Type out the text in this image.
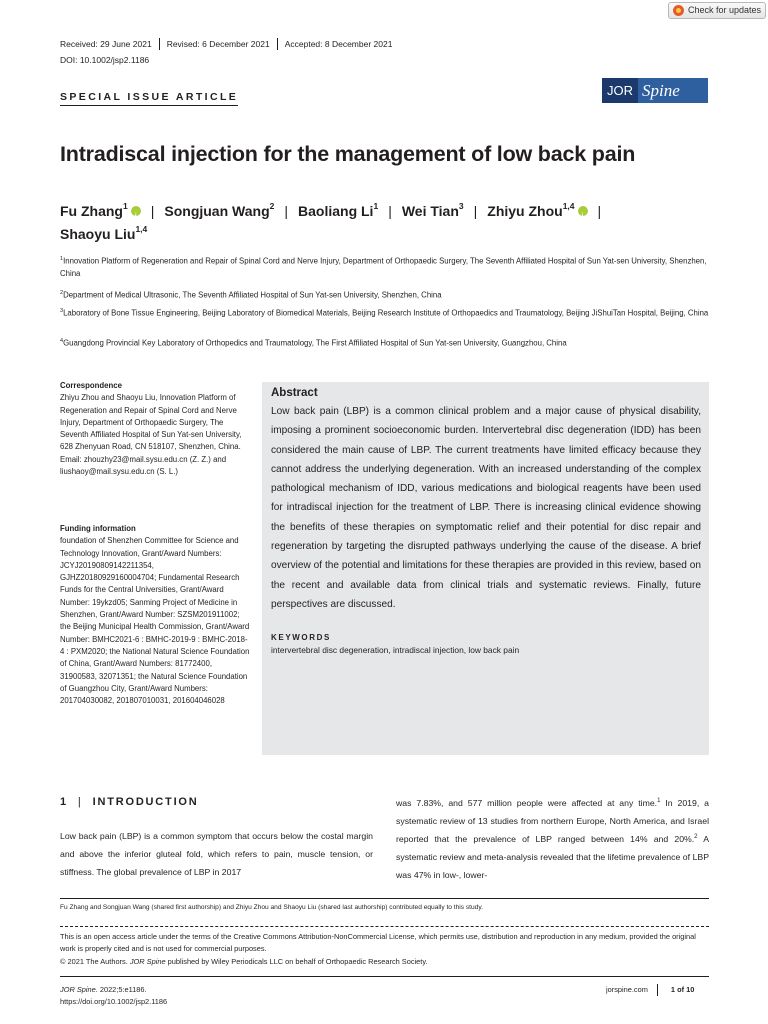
Check for updates
Received: 29 June 2021	Revised: 6 December 2021	Accepted: 8 December 2021
DOI: 10.1002/jsp2.1186
SPECIAL ISSUE ARTICLE	JOR Spine
Intradiscal injection for the management of low back pain
Fu Zhang$^1$ i | Songjuan Wang$^2$ | Baoliang Li$^1$ | Wei Tian$^3$ | Zhiyu Zhou$^{1,4}$ i |
Shaoyu Liu$^{1,4}$
$^1$Innovation Platform of Regeneration and Repair of Spinal Cord and Nerve Injury, Department of Orthopaedic Surgery, The Seventh Affiliated Hospital of Sun Yat-sen University, Shenzhen, China
$^2$Department of Medical Ultrasonic, The Seventh Affiliated Hospital of Sun Yat-sen University, Shenzhen, China
$^3$Laboratory of Bone Tissue Engineering, Beijing Laboratory of Biomedical Materials, Beijing Research Institute of Orthopaedics and Traumatology, Beijing JiShuiTan Hospital, Beijing, China
$^4$Guangdong Provincial Key Laboratory of Orthopedics and Traumatology, The First Affiliated Hospital of Sun Yat-sen University, Guangzhou, China
Correspondence
Zhiyu Zhou and Shaoyu Liu, Innovation Platform of Regeneration and Repair of Spinal Cord and Nerve Injury, Department of Orthopaedic Surgery, The Seventh Affiliated Hospital of Sun Yat-sen University, 628 Zhenyuan Road, CN 518107, Shenzhen, China.
Email: zhouzhy23@mail.sysu.edu.cn (Z. Z.) and liushaoy@mail.sysu.edu.cn (S. L.)
Funding information
foundation of Shenzhen Committee for Science and Technology Innovation, Grant/Award Numbers: JCYJ20190809142211354, GJHZ20180929160004704; Fundamental Research Funds for the Central Universities, Grant/Award Number: 19ykzd05; Sanming Project of Medicine in Shenzhen, Grant/Award Number: SZSM201911002; the Beijing Municipal Health Commission, Grant/Award Number: BMHC2021-6 : BMHC-2019-9 : BMHC-2018-4 : PXM2020; the National Natural Science Foundation of China, Grant/Award Numbers: 81772400, 31900583, 32071351; the Natural Science Foundation of Guangzhou City, Grant/Award Numbers: 201704030082, 201807010031, 201604046028
Abstract
Low back pain (LBP) is a common clinical problem and a major cause of physical disability, imposing a prominent socioeconomic burden. Intervertebral disc degeneration (IDD) has been considered the main cause of LBP. The current treatments have limited efficacy because they cannot address the underlying degeneration. With an increased understanding of the complex pathological mechanism of IDD, various medications and biological reagents have been used for intradiscal injection for the treatment of LBP. There is increasing clinical evidence showing the benefits of these therapies on symptomatic relief and their potential for disc repair and regeneration by targeting the disrupted pathways underlying the cause of the disease. A brief overview of the potential and limitations for these therapies are provided in this review, based on the recent and available data from clinical trials and systematic reviews. Finally, future perspectives are discussed.
KEYWORDS
intervertebral disc degeneration, intradiscal injection, low back pain
1 | INTRODUCTION
Low back pain (LBP) is a common symptom that occurs below the costal margin and above the inferior gluteal fold, which refers to pain, muscle tension, or stiffness. The global prevalence of LBP in 2017
was 7.83%, and 577 million people were affected at any time.$^1$ In 2019, a systematic review of 13 studies from northern Europe, North America, and Israel reported that the prevalence of LBP ranged between 14% and 20%.$^2$ A systematic review and meta-analysis revealed that the lifetime prevalence of LBP was 47% in low-, lower-
Fu Zhang and Songjuan Wang (shared first authorship) and Zhiyu Zhou and Shaoyu Liu (shared last authorship) contributed equally to this study.
This is an open access article under the terms of the Creative Commons Attribution-NonCommercial License, which permits use, distribution and reproduction in any medium, provided the original work is properly cited and is not used for commercial purposes.
© 2021 The Authors. JOR Spine published by Wiley Periodicals LLC on behalf of Orthopaedic Research Society.
JOR Spine. 2022;5:e1186.
https://doi.org/10.1002/jsp2.1186
jorspine.com	1 of 10
